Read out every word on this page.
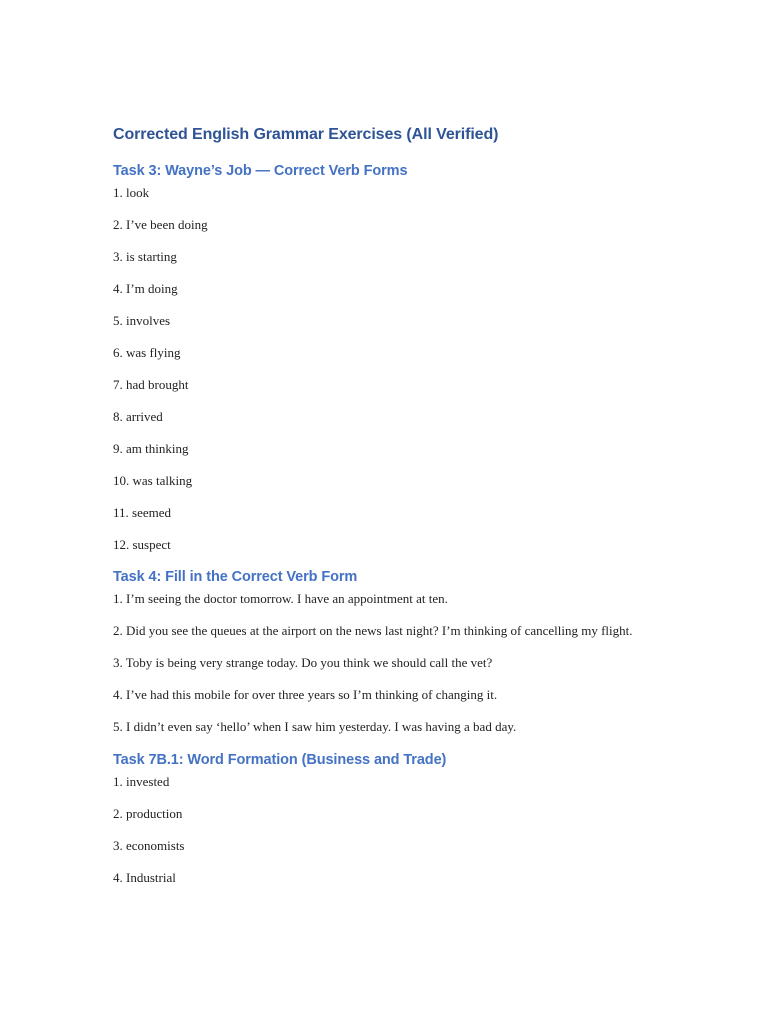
Corrected English Grammar Exercises (All Verified)
Task 3: Wayne’s Job — Correct Verb Forms
1. look
2. I’ve been doing
3. is starting
4. I’m doing
5. involves
6. was flying
7. had brought
8. arrived
9. am thinking
10. was talking
11. seemed
12. suspect
Task 4: Fill in the Correct Verb Form
1. I’m seeing the doctor tomorrow. I have an appointment at ten.
2. Did you see the queues at the airport on the news last night? I’m thinking of cancelling my flight.
3. Toby is being very strange today. Do you think we should call the vet?
4. I’ve had this mobile for over three years so I’m thinking of changing it.
5. I didn’t even say ‘hello’ when I saw him yesterday. I was having a bad day.
Task 7B.1: Word Formation (Business and Trade)
1. invested
2. production
3. economists
4. Industrial
